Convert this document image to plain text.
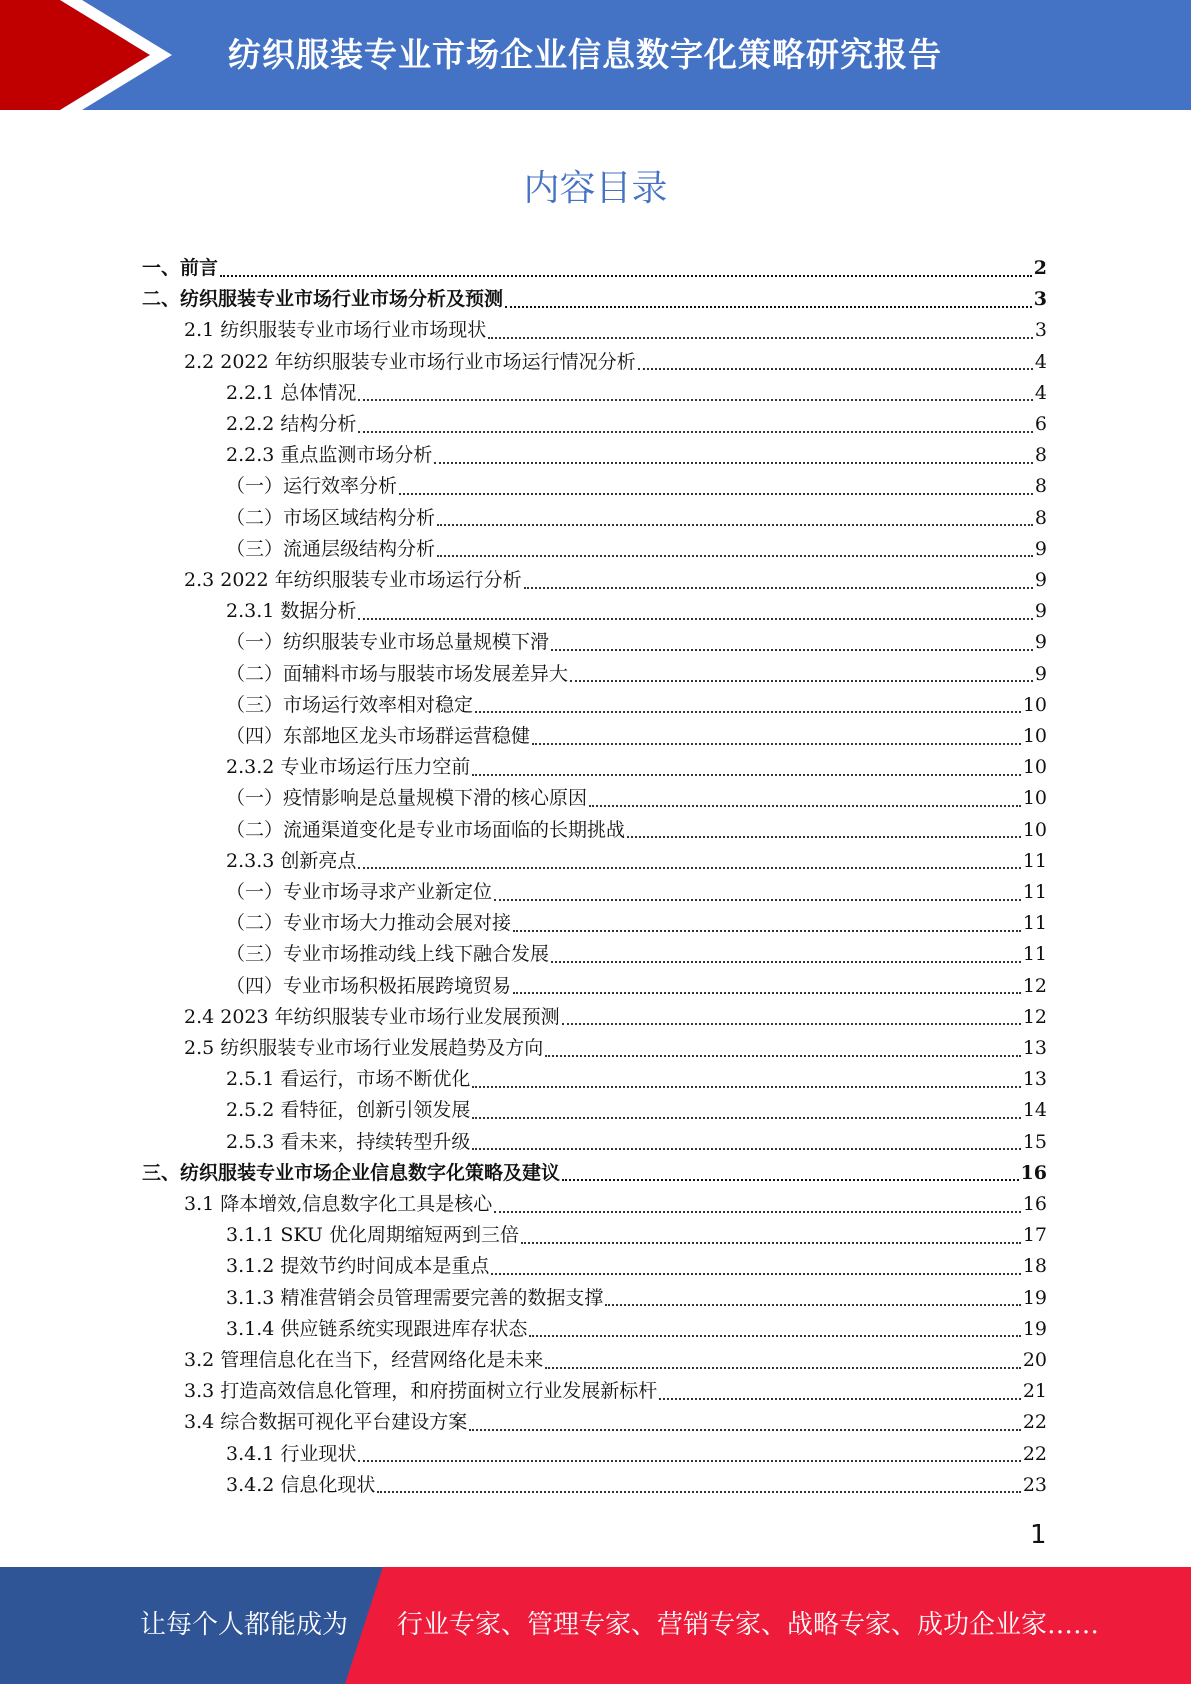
纺织服装专业市场企业信息数字化策略研究报告
内容目录
一、前言	2
二、纺织服装专业市场行业市场分析及预测	3
2.1 纺织服装专业市场行业市场现状	3
2.2 2022 年纺织服装专业市场行业市场运行情况分析	4
2.2.1 总体情况	4
2.2.2 结构分析	6
2.2.3 重点监测市场分析	8
（一）运行效率分析	8
（二）市场区域结构分析	8
（三）流通层级结构分析	9
2.3 2022 年纺织服装专业市场运行分析	9
2.3.1 数据分析	9
（一）纺织服装专业市场总量规模下滑	9
（二）面辅料市场与服装市场发展差异大	9
（三）市场运行效率相对稳定	10
（四）东部地区龙头市场群运营稳健	10
2.3.2 专业市场运行压力空前	10
（一）疫情影响是总量规模下滑的核心原因	10
（二）流通渠道变化是专业市场面临的长期挑战	10
2.3.3 创新亮点	11
（一）专业市场寻求产业新定位	11
（二）专业市场大力推动会展对接	11
（三）专业市场推动线上线下融合发展	11
（四）专业市场积极拓展跨境贸易	12
2.4 2023 年纺织服装专业市场行业发展预测	12
2.5 纺织服装专业市场行业发展趋势及方向	13
2.5.1 看运行，市场不断优化	13
2.5.2 看特征，创新引领发展	14
2.5.3 看未来，持续转型升级	15
三、纺织服装专业市场企业信息数字化策略及建议	16
3.1 降本增效,信息数字化工具是核心	16
3.1.1 SKU 优化周期缩短两到三倍	17
3.1.2 提效节约时间成本是重点	18
3.1.3 精准营销会员管理需要完善的数据支撑	19
3.1.4 供应链系统实现跟进库存状态	19
3.2 管理信息化在当下，经营网络化是未来	20
3.3 打造高效信息化管理，和府捞面树立行业发展新标杆	21
3.4 综合数据可视化平台建设方案	22
3.4.1 行业现状	22
3.4.2 信息化现状	23
1
让每个人都能成为 行业专家、管理专家、营销专家、战略专家、成功企业家……
